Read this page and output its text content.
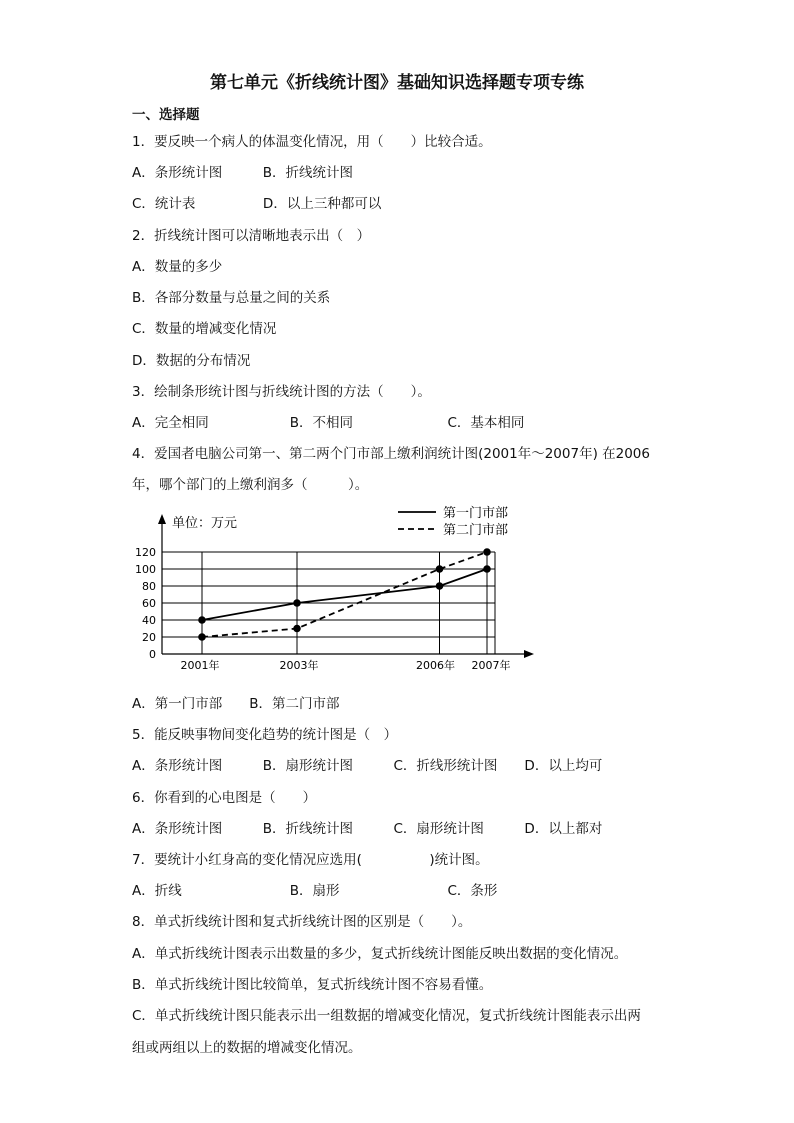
第七单元《折线统计图》基础知识选择题专项专练
一、选择题
1．要反映一个病人的体温变化情况，用（　　）比较合适。
A．条形统计图　　　B．折线统计图
C．统计表　　　　　D．以上三种都可以
2．折线统计图可以清晰地表示出（　）
A．数量的多少
B．各部分数量与总量之间的关系
C．数量的增减变化情况
D．数据的分布情况
3．绘制条形统计图与折线统计图的方法（　　）。
A．完全相同　　　　　　B．不相同　　　　　　　C．基本相同
4．爱国者电脑公司第一、第二两个门市部上缴利润统计图(2001年～2007年) 在2006
年，哪个部门的上缴利润多（　　　）。
A．第一门市部　　B．第二门市部
5．能反映事物间变化趋势的统计图是（　）
A．条形统计图　　　B．扇形统计图　　　C．折线形统计图　　D．以上均可
6．你看到的心电图是（　　）
A．条形统计图　　　B．折线统计图　　　C．扇形统计图　　　D．以上都对
7．要统计小红身高的变化情况应选用(　　　　　)统计图。
A．折线　　　　　　　　B．扇形　　　　　　　　C．条形
8．单式折线统计图和复式折线统计图的区别是（　　）。
A．单式折线统计图表示出数量的多少，复式折线统计图能反映出数据的变化情况。
B．单式折线统计图比较简单，复式折线统计图不容易看懂。
C．单式折线统计图只能表示出一组数据的增减变化情况，复式折线统计图能表示出两
组或两组以上的数据的增减变化情况。
0
20
40
60
80
100
120
单位：万元
2001年	2003年	2006年 2007年
第一门市部
第二门市部
